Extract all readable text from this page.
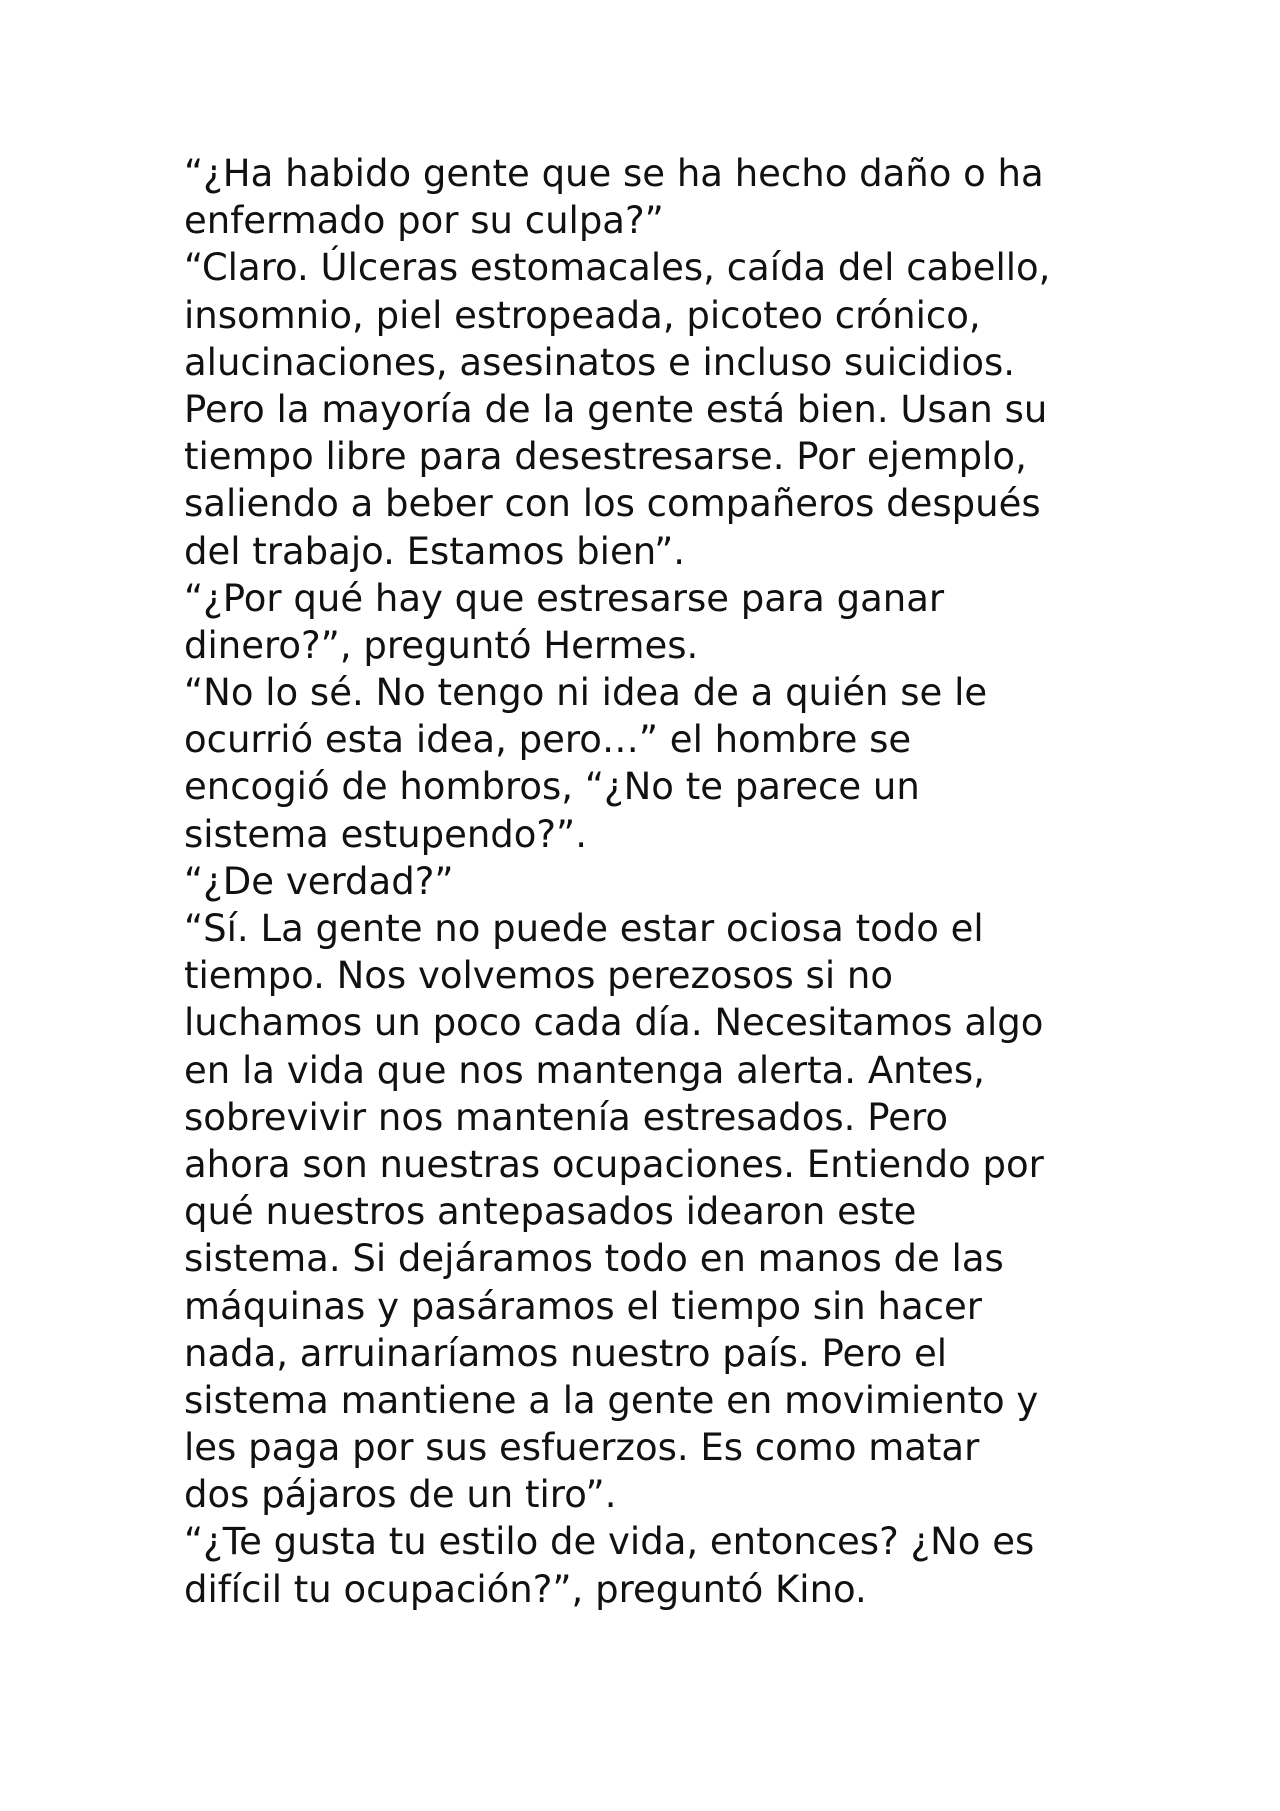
“¿Ha habido gente que se ha hecho daño o ha
enfermado por su culpa?”
“Claro. Úlceras estomacales, caída del cabello,
insomnio, piel estropeada, picoteo crónico,
alucinaciones, asesinatos e incluso suicidios.
Pero la mayoría de la gente está bien. Usan su
tiempo libre para desestresarse. Por ejemplo,
saliendo a beber con los compañeros después
del trabajo. Estamos bien”.
“¿Por qué hay que estresarse para ganar
dinero?”, preguntó Hermes.
“No lo sé. No tengo ni idea de a quién se le
ocurrió esta idea, pero…” el hombre se
encogió de hombros, “¿No te parece un
sistema estupendo?”.
“¿De verdad?”
“Sí. La gente no puede estar ociosa todo el
tiempo. Nos volvemos perezosos si no
luchamos un poco cada día. Necesitamos algo
en la vida que nos mantenga alerta. Antes,
sobrevivir nos mantenía estresados. Pero
ahora son nuestras ocupaciones. Entiendo por
qué nuestros antepasados idearon este
sistema. Si dejáramos todo en manos de las
máquinas y pasáramos el tiempo sin hacer
nada, arruinaríamos nuestro país. Pero el
sistema mantiene a la gente en movimiento y
les paga por sus esfuerzos. Es como matar
dos pájaros de un tiro”.
“¿Te gusta tu estilo de vida, entonces? ¿No es
difícil tu ocupación?”, preguntó Kino.
